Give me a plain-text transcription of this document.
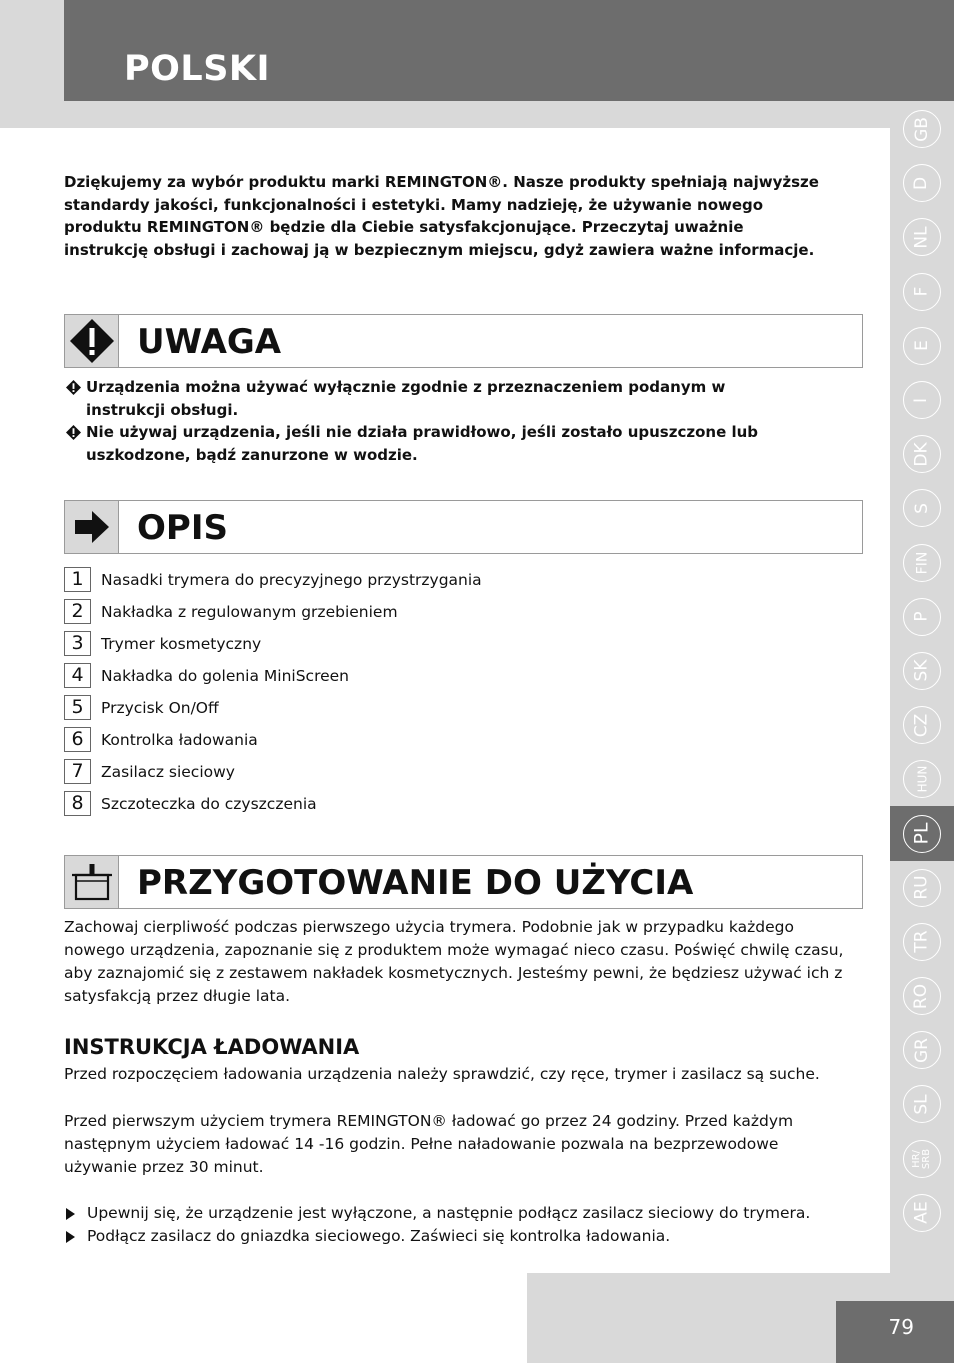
POLSKI
Dziękujemy za wybór produktu marki REMINGTON®. Nasze produkty spełniają najwyższe standardy jakości, funkcjonalności i estetyki. Mamy nadzieję, że używanie nowego produktu REMINGTON® będzie dla Ciebie satysfakcjonujące. Przeczytaj uważnie instrukcję obsługi i zachowaj ją w bezpiecznym miejscu, gdyż zawiera ważne informacje.
UWAGA
Urządzenia można używać wyłącznie zgodnie z przeznaczeniem podanym w instrukcji obsługi.
Nie używaj urządzenia, jeśli nie działa prawidłowo, jeśli zostało upuszczone lub uszkodzone, bądź zanurzone w wodzie.
OPIS
1	Nasadki trymera do precyzyjnego przystrzygania
2	Nakładka z regulowanym grzebieniem
3	Trymer kosmetyczny
4	Nakładka do golenia MiniScreen
5	Przycisk On/Off
6	Kontrolka ładowania
7	Zasilacz sieciowy
8	Szczoteczka do czyszczenia
PRZYGOTOWANIE DO UŻYCIA
Zachowaj cierpliwość podczas pierwszego użycia trymera. Podobnie jak w przypadku każdego nowego urządzenia, zapoznanie się z produktem może wymagać nieco czasu. Poświęć chwilę czasu, aby zaznajomić się z zestawem nakładek kosmetycznych. Jesteśmy pewni, że będziesz używać ich z satysfakcją przez długie lata.
INSTRUKCJA ŁADOWANIA
Przed rozpoczęciem ładowania urządzenia należy sprawdzić, czy ręce, trymer i zasilacz są suche.
Przed pierwszym użyciem trymera REMINGTON® ładować go przez 24 godziny. Przed każdym następnym użyciem ładować 14 -16 godzin. Pełne naładowanie pozwala na bezprzewodowe używanie przez 30 minut.
Upewnij się, że urządzenie jest wyłączone, a następnie podłącz zasilacz sieciowy do trymera.
Podłącz zasilacz do gniazdka sieciowego. Zaświeci się kontrolka ładowania.
GB
D
NL
F
E
I
DK
S
FIN
P
SK
CZ
HUN
PL
RU
TR
RO
GR
SL
HR/
SRB
AE
79
